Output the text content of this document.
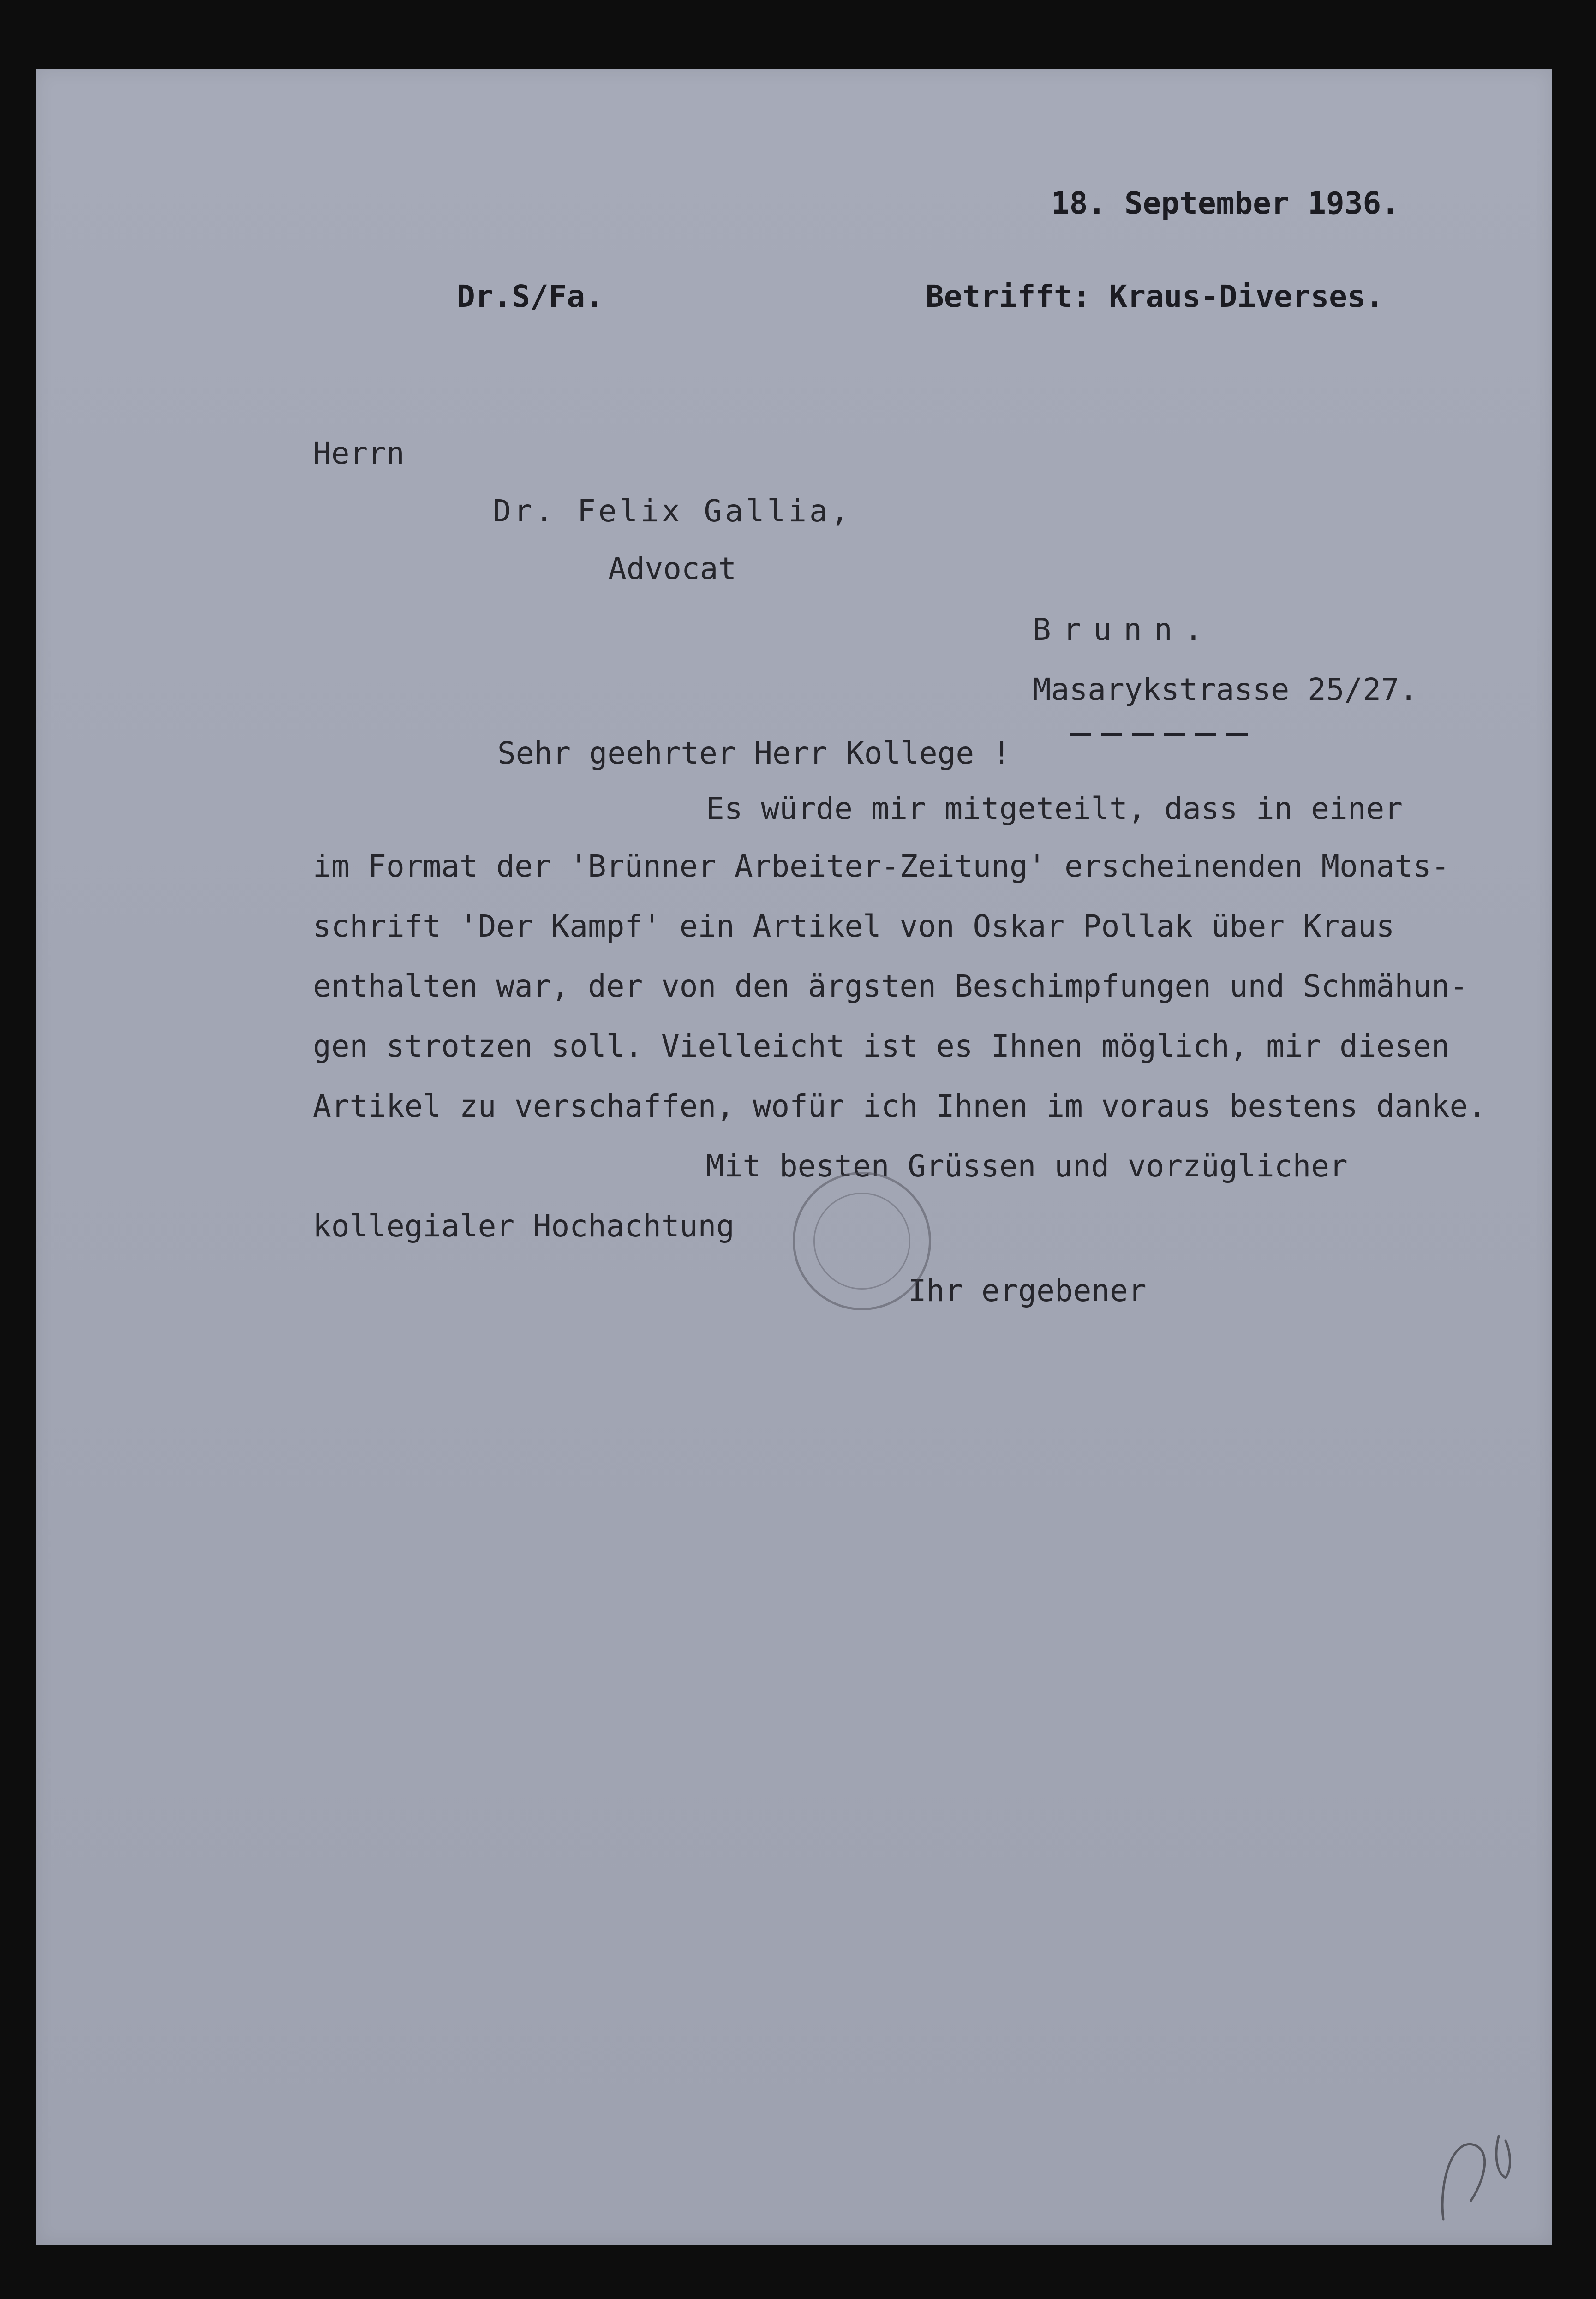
18. September 1936.
Dr.S/Fa.	Betrifft: Kraus-Diverses.
Herrn
Dr. Felix Gallia,
Advocat
Brunn.
Masarykstrasse 25/27.
Sehr geehrter Herr Kollege !
Es würde mir mitgeteilt, dass in einer
im Format der 'Brünner Arbeiter-Zeitung' erscheinenden Monats-
schrift 'Der Kampf' ein Artikel von Oskar Pollak über Kraus
enthalten war, der von den ärgsten Beschimpfungen und Schmähun-
gen strotzen soll. Vielleicht ist es Ihnen möglich, mir diesen
Artikel zu verschaffen, wofür ich Ihnen im voraus bestens danke.
Mit besten Grüssen und vorzüglicher
kollegialer Hochachtung
Ihr ergebener
